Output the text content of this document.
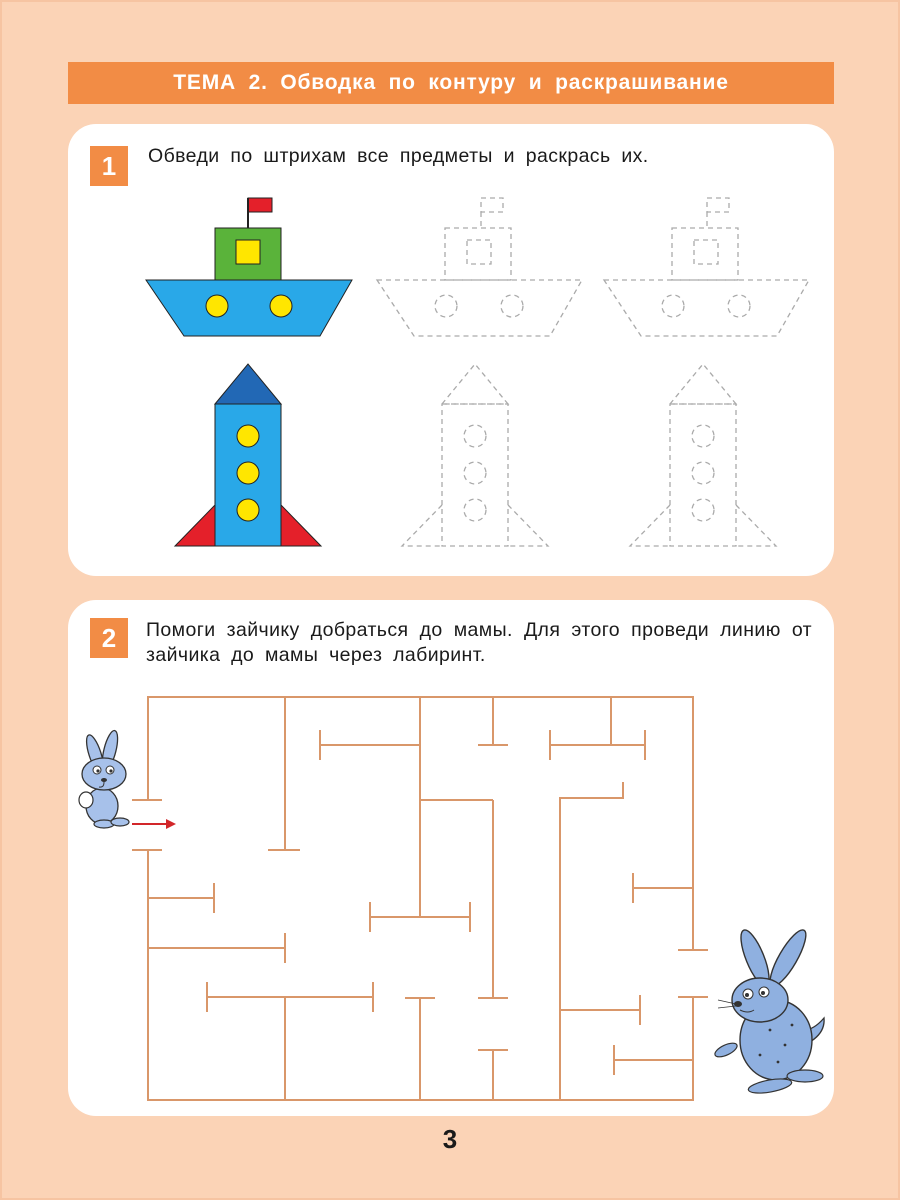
ТЕМА 2. Обводка по контуру и раскрашивание
1	Обведи по штрихам все предметы и раскрась их.
2	Помоги зайчику добраться до мамы. Для этого проведи линию от зайчика до мамы через лабиринт.
3
